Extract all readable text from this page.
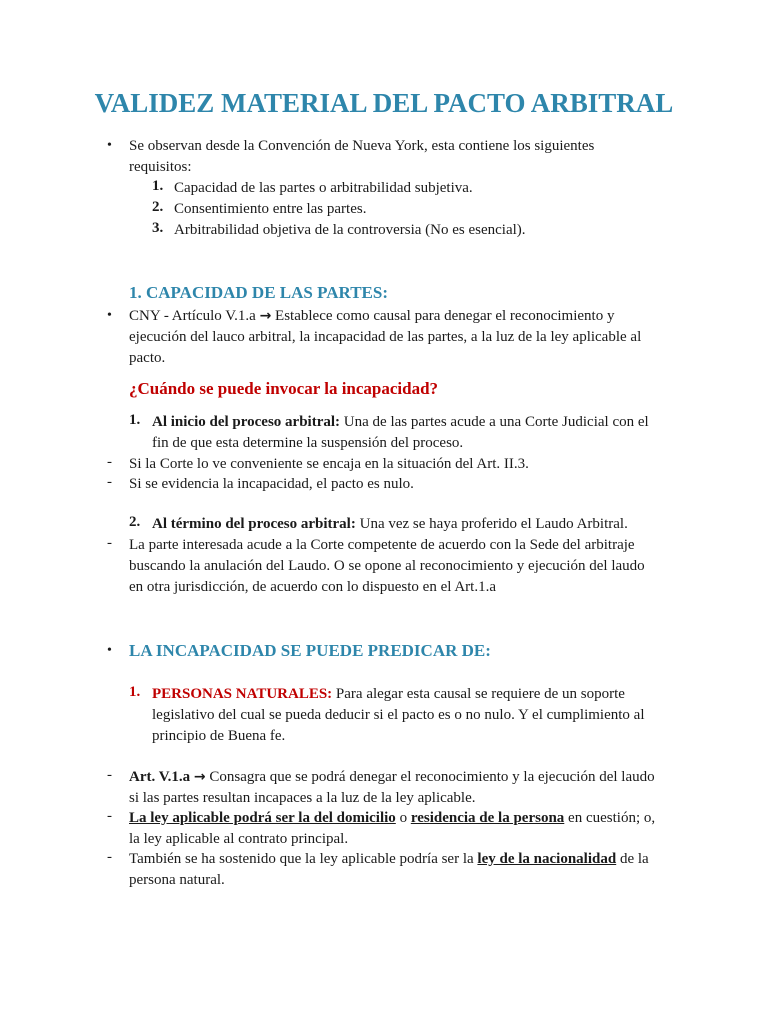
VALIDEZ MATERIAL DEL PACTO ARBITRAL
• Se observan desde la Convención de Nueva York, esta contiene los siguientes
requisitos:
1. Capacidad de las partes o arbitrabilidad subjetiva.
2. Consentimiento entre las partes.
3. Arbitrabilidad objetiva de la controversia (No es esencial).
1. CAPACIDAD DE LAS PARTES:
• CNY - Artículo V.1.a → Establece como causal para denegar el reconocimiento y
ejecución del lauco arbitral, la incapacidad de las partes, a la luz de la ley aplicable al
pacto.
¿Cuándo se puede invocar la incapacidad?
1. Al inicio del proceso arbitral: Una de las partes acude a una Corte Judicial con el
fin de que esta determine la suspensión del proceso.
- Si la Corte lo ve conveniente se encaja en la situación del Art. II.3.
- Si se evidencia la incapacidad, el pacto es nulo.
2. Al término del proceso arbitral: Una vez se haya proferido el Laudo Arbitral.
- La parte interesada acude a la Corte competente de acuerdo con la Sede del arbitraje
buscando la anulación del Laudo. O se opone al reconocimiento y ejecución del laudo
en otra jurisdicción, de acuerdo con lo dispuesto en el Art.1.a
• LA INCAPACIDAD SE PUEDE PREDICAR DE:
1. PERSONAS NATURALES: Para alegar esta causal se requiere de un soporte
legislativo del cual se pueda deducir si el pacto es o no nulo. Y el cumplimiento al
principio de Buena fe.
- Art. V.1.a → Consagra que se podrá denegar el reconocimiento y la ejecución del laudo
si las partes resultan incapaces a la luz de la ley aplicable.
- La ley aplicable podrá ser la del domicilio o residencia de la persona en cuestión; o,
la ley aplicable al contrato principal.
- También se ha sostenido que la ley aplicable podría ser la ley de la nacionalidad de la
persona natural.
